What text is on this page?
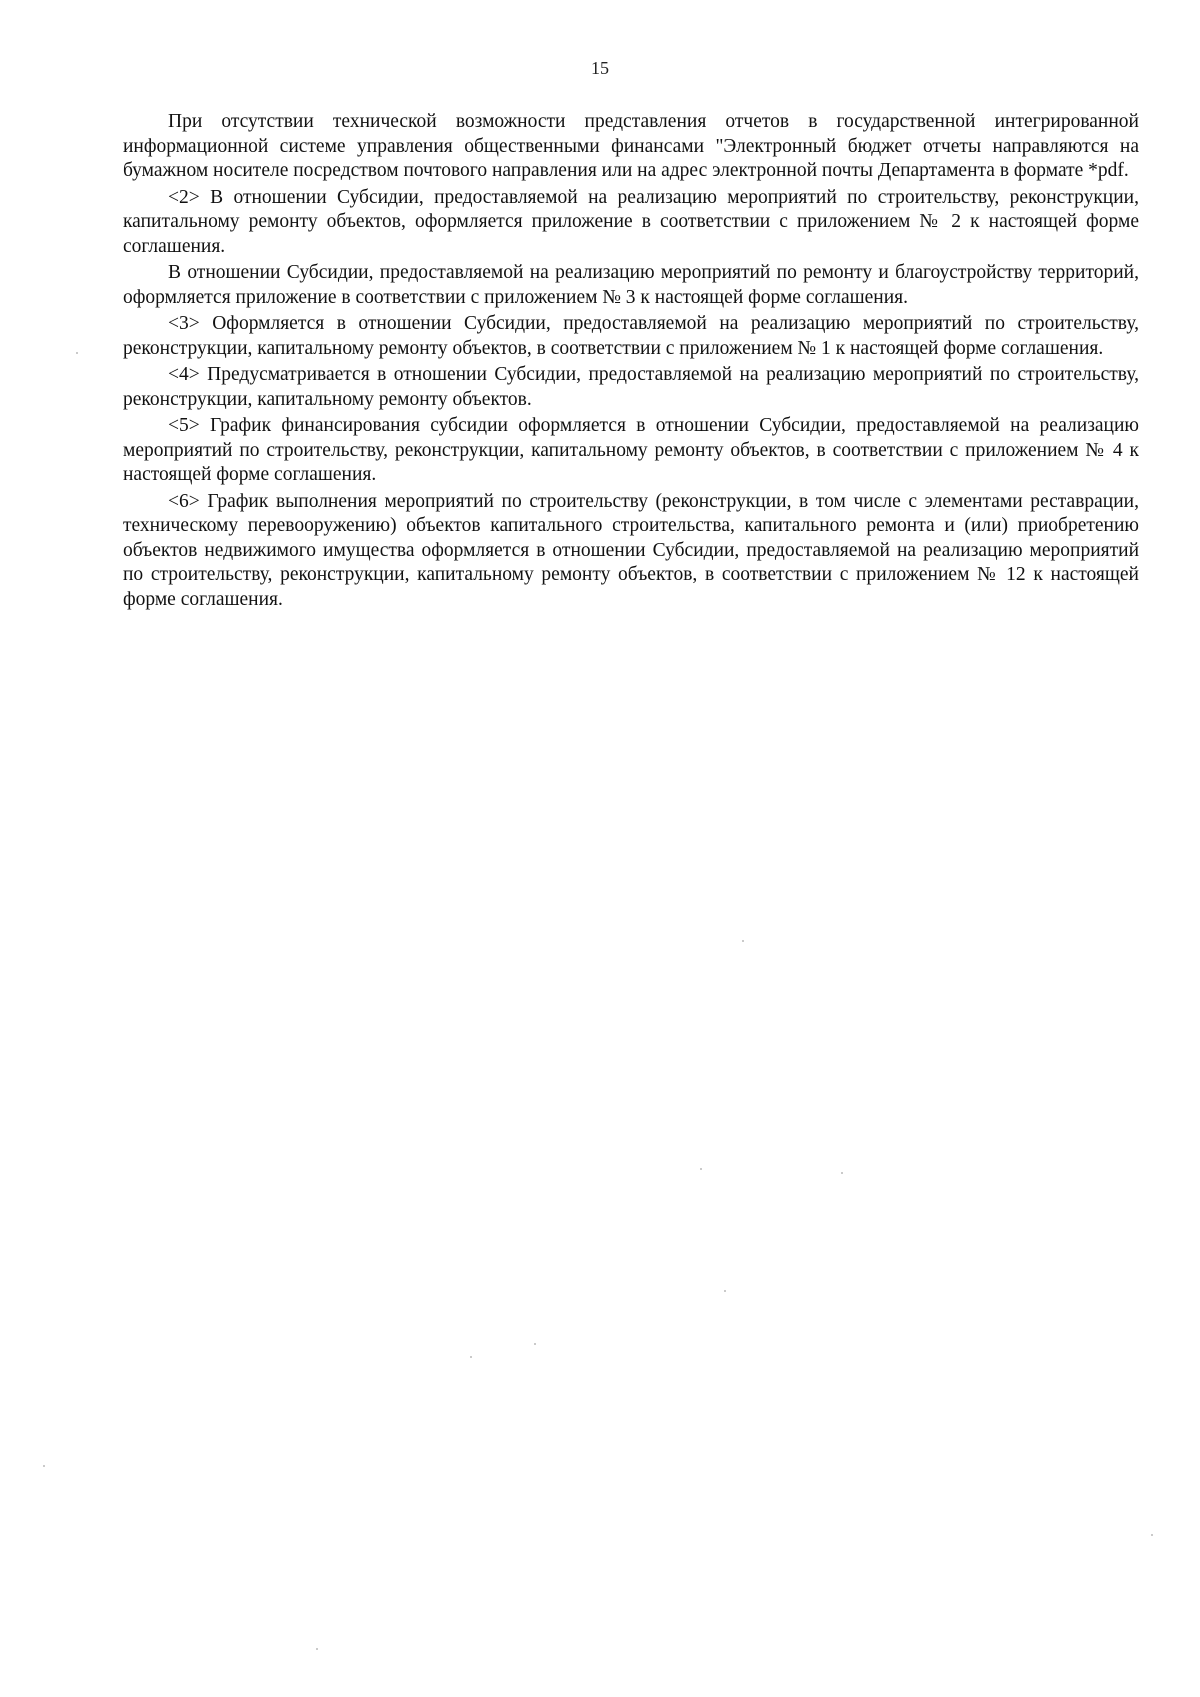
15

При отсутствии технической возможности представления отчетов в государственной интегрированной информационной системе управления общественными финансами "Электронный бюджет отчеты направляются на бумажном носителе посредством почтового направления или на адрес электронной почты Департамента в формате *pdf.

<2> В отношении Субсидии, предоставляемой на реализацию мероприятий по строительству, реконструкции, капитальному ремонту объектов, оформляется приложение в соответствии с приложением № 2 к настоящей форме соглашения.

В отношении Субсидии, предоставляемой на реализацию мероприятий по ремонту и благоустройству территорий, оформляется приложение в соответствии с приложением № 3 к настоящей форме соглашения.

<3> Оформляется в отношении Субсидии, предоставляемой на реализацию мероприятий по строительству, реконструкции, капитальному ремонту объектов, в соответствии с приложением № 1 к настоящей форме соглашения.

<4> Предусматривается в отношении Субсидии, предоставляемой на реализацию мероприятий по строительству, реконструкции, капитальному ремонту объектов.

<5> График финансирования субсидии оформляется в отношении Субсидии, предоставляемой на реализацию мероприятий по строительству, реконструкции, капитальному ремонту объектов, в соответствии с приложением № 4 к настоящей форме соглашения.

<6> График выполнения мероприятий по строительству (реконструкции, в том числе с элементами реставрации, техническому перевооружению) объектов капитального строительства, капитального ремонта и (или) приобретению объектов недвижимого имущества оформляется в отношении Субсидии, предоставляемой на реализацию мероприятий по строительству, реконструкции, капитальному ремонту объектов, в соответствии с приложением № 12 к настоящей форме соглашения.
